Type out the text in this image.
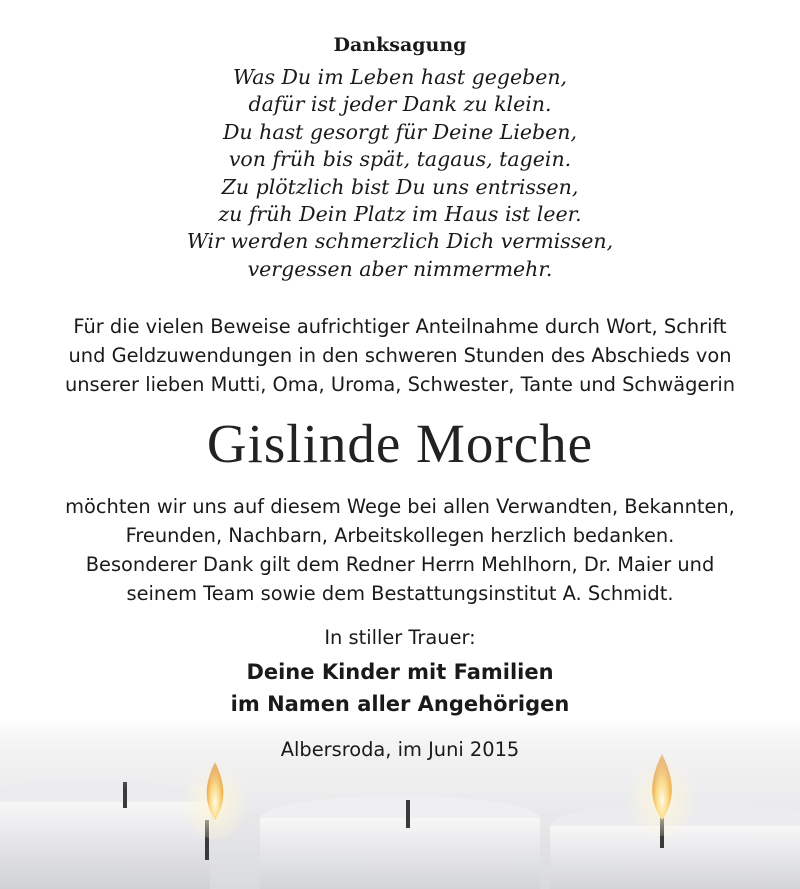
Danksagung
Was Du im Leben hast gegeben,
dafür ist jeder Dank zu klein.
Du hast gesorgt für Deine Lieben,
von früh bis spät, tagaus, tagein.
Zu plötzlich bist Du uns entrissen,
zu früh Dein Platz im Haus ist leer.
Wir werden schmerzlich Dich vermissen,
vergessen aber nimmermehr.
Für die vielen Beweise aufrichtiger Anteilnahme durch Wort, Schrift
und Geldzuwendungen in den schweren Stunden des Abschieds von
unserer lieben Mutti, Oma, Uroma, Schwester, Tante und Schwägerin
Gislinde Morche
möchten wir uns auf diesem Wege bei allen Verwandten, Bekannten,
Freunden, Nachbarn, Arbeitskollegen herzlich bedanken.
Besonderer Dank gilt dem Redner Herrn Mehlhorn, Dr. Maier und
seinem Team sowie dem Bestattungsinstitut A. Schmidt.
In stiller Trauer:
Deine Kinder mit Familien
im Namen aller Angehörigen
Albersroda, im Juni 2015
